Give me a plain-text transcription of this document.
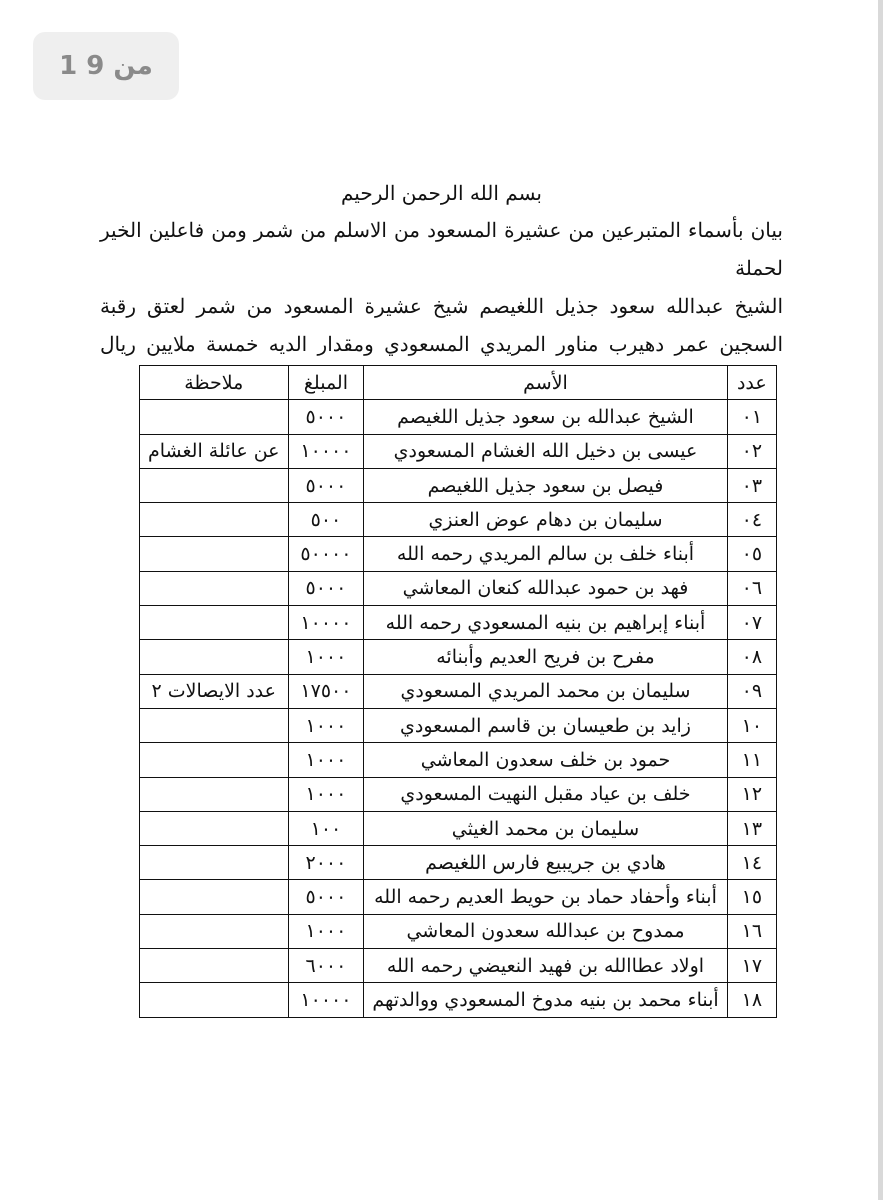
1 من 9
بسم الله الرحمن الرحيم
بيان بأسماء المتبرعين من عشيرة المسعود من الاسلم من شمر ومن فاعلين الخير لحملة
الشيخ عبدالله سعود جذيل اللغيصم شيخ عشيرة المسعود من شمر لعتق رقبة
السجين عمر دهيرب مناور المريدي المسعودي ومقدار الديه خمسة ملايين ريال
عدد	الأسم	المبلغ	ملاحظة
٠١	الشيخ عبدالله بن سعود جذيل اللغيصم	٥٠٠٠	
٠٢	عيسى بن دخيل الله الغشام المسعودي	١٠٠٠٠	عن عائلة الغشام
٠٣	فيصل بن سعود جذيل اللغيصم	٥٠٠٠	
٠٤	سليمان بن دهام عوض العنزي	٥٠٠	
٠٥	أبناء خلف بن سالم المريدي رحمه الله	٥٠٠٠٠	
٠٦	فهد بن حمود عبدالله كنعان المعاشي	٥٠٠٠	
٠٧	أبناء إبراهيم بن بنيه المسعودي رحمه الله	١٠٠٠٠	
٠٨	مفرح بن فريح العديم وأبنائه	١٠٠٠	
٠٩	سليمان بن محمد المريدي المسعودي	١٧٥٠٠	عدد الايصالات ٢
١٠	زايد بن طعيسان بن قاسم المسعودي	١٠٠٠	
١١	حمود بن خلف سعدون المعاشي	١٠٠٠	
١٢	خلف بن عياد مقبل النهيت المسعودي	١٠٠٠	
١٣	سليمان بن محمد الغيثي	١٠٠	
١٤	هادي بن جريبيع فارس اللغيصم	٢٠٠٠	
١٥	أبناء وأحفاد حماد بن حويط العديم رحمه الله	٥٠٠٠	
١٦	ممدوح بن عبدالله سعدون المعاشي	١٠٠٠	
١٧	اولاد عطاالله بن فهيد النعيضي رحمه الله	٦٠٠٠	
١٨	أبناء محمد بن بنيه مدوخ المسعودي ووالدتهم	١٠٠٠٠	
